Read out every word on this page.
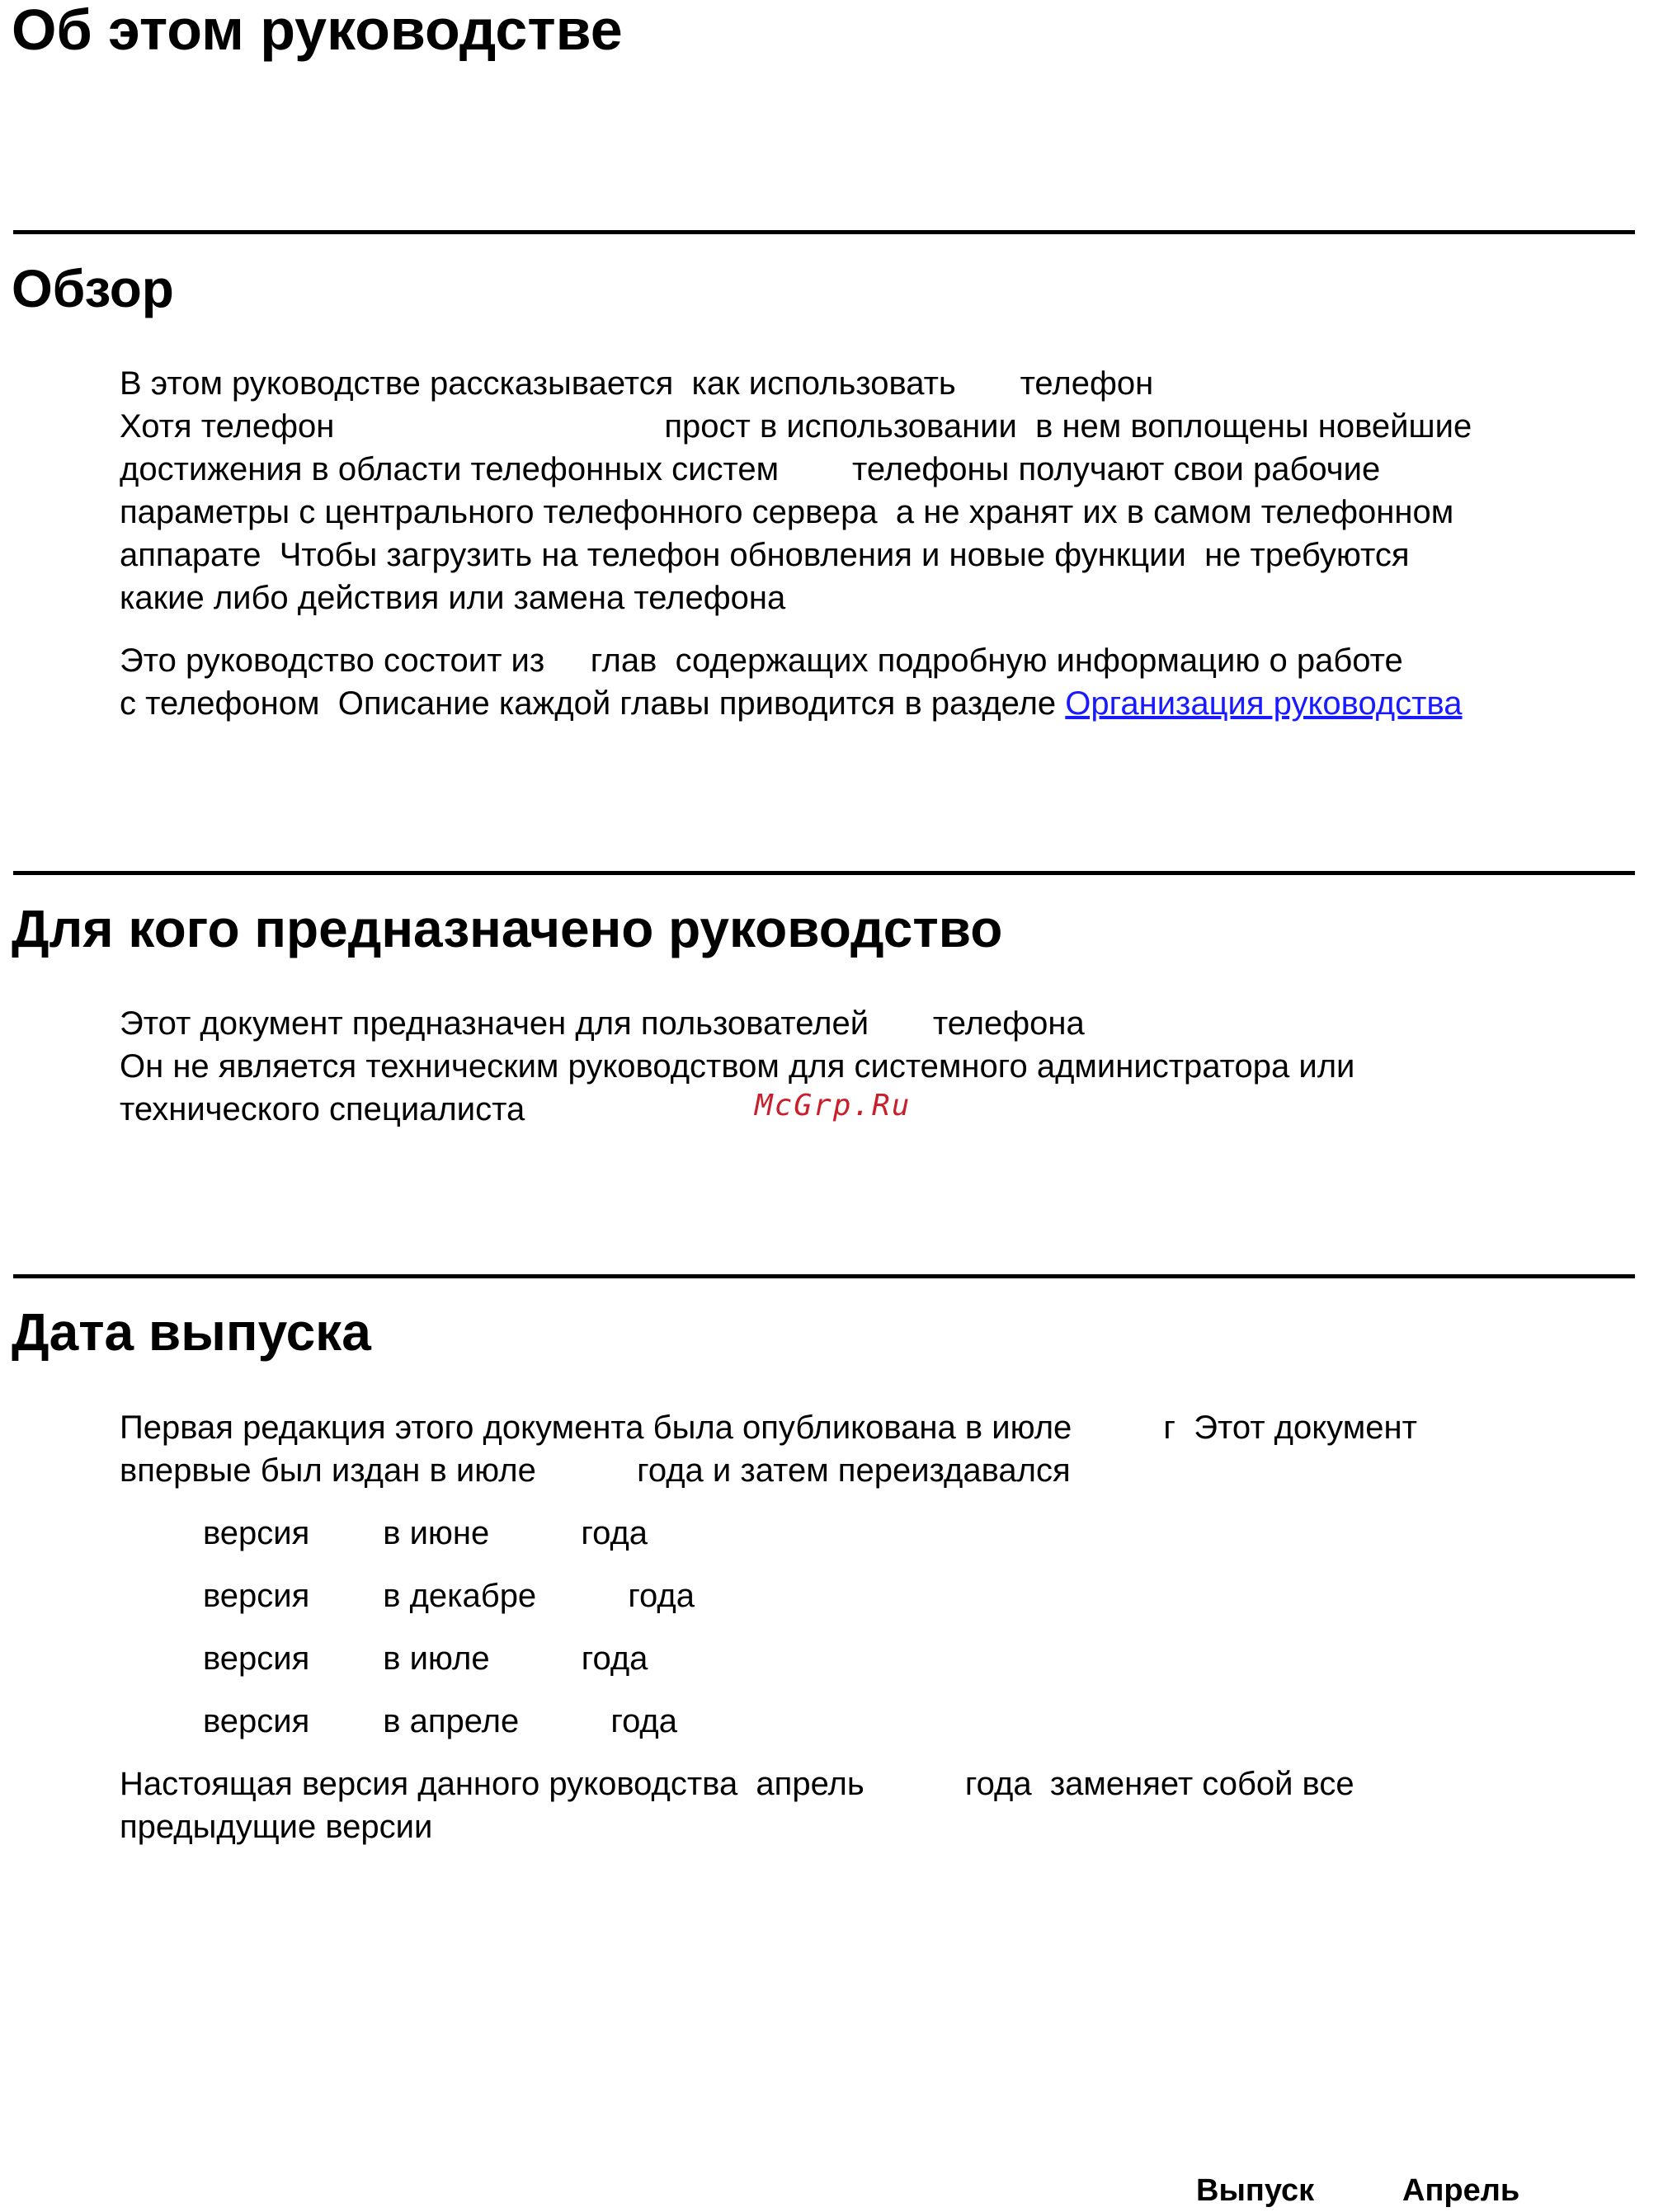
Об этом руководстве
Обзор
В этом руководстве рассказывается  как использовать       телефон
Хотя телефон                                    прост в использовании  в нем воплощены новейшие
достижения в области телефонных систем        телефоны получают свои рабочие
параметры с центрального телефонного сервера  а не хранят их в самом телефонном
аппарате  Чтобы загрузить на телефон обновления и новые функции  не требуются
какие либо действия или замена телефона
Это руководство состоит из     глав  содержащих подробную информацию о работе
с телефоном  Описание каждой главы приводится в разделе Организация руководства
Для кого предназначено руководство
Этот документ предназначен для пользователей       телефона
Он не является техническим руководством для системного администратора или
технического специалиста	McGrp.Ru
Дата выпуска
Первая редакция этого документа была опубликована в июле          г  Этот документ
впервые был издан в июле           года и затем переиздавался
версия        в июне          года
версия        в декабре          года
версия        в июле          года
версия        в апреле          года
Настоящая версия данного руководства  апрель           года  заменяет собой все
предыдущие версии
Выпуск	Апрель
